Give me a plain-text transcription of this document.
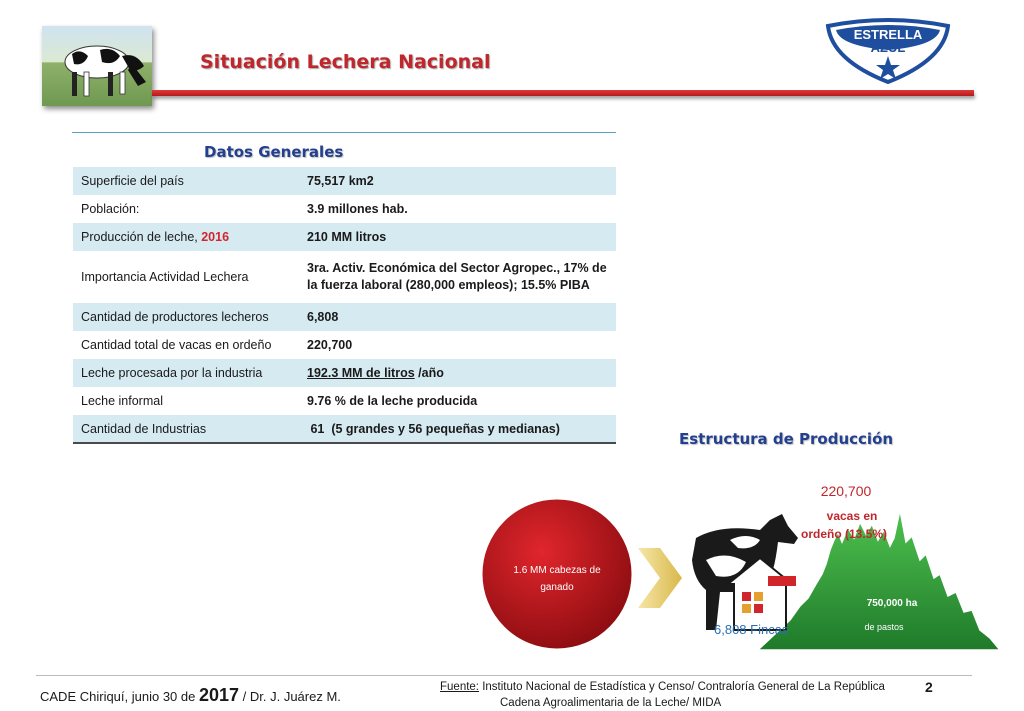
Situación Lechera Nacional
ESTRELLA
AZUL
Datos Generales
Superficie del país	75,517 km2
Población:	3.9 millones hab.
Producción de leche, 2016	210 MM litros
Importancia Actividad Lechera	3ra. Activ. Económica del Sector Agropec., 17% de la fuerza laboral (280,000 empleos); 15.5% PIBA
Cantidad de productores lecheros	6,808
Cantidad total de vacas en ordeño	220,700
Leche procesada por la industria	192.3 MM de litros /año
Leche informal	9.76 % de la leche producida
Cantidad de Industrias	61  (5 grandes y 56 pequeñas y medianas)
Estructura de Producción
1.6 MM cabezas de
ganado
750,000 ha
de pastos
6,808 Fincas
220,700
vacas en
ordeño (13.5%)
CADE Chiriquí, junio 30 de 2017 / Dr. J. Juárez M.
Fuente: Instituto Nacional de Estadística y Censo/ Contraloría General de La República
Cadena Agroalimentaria de la Leche/ MIDA
2
